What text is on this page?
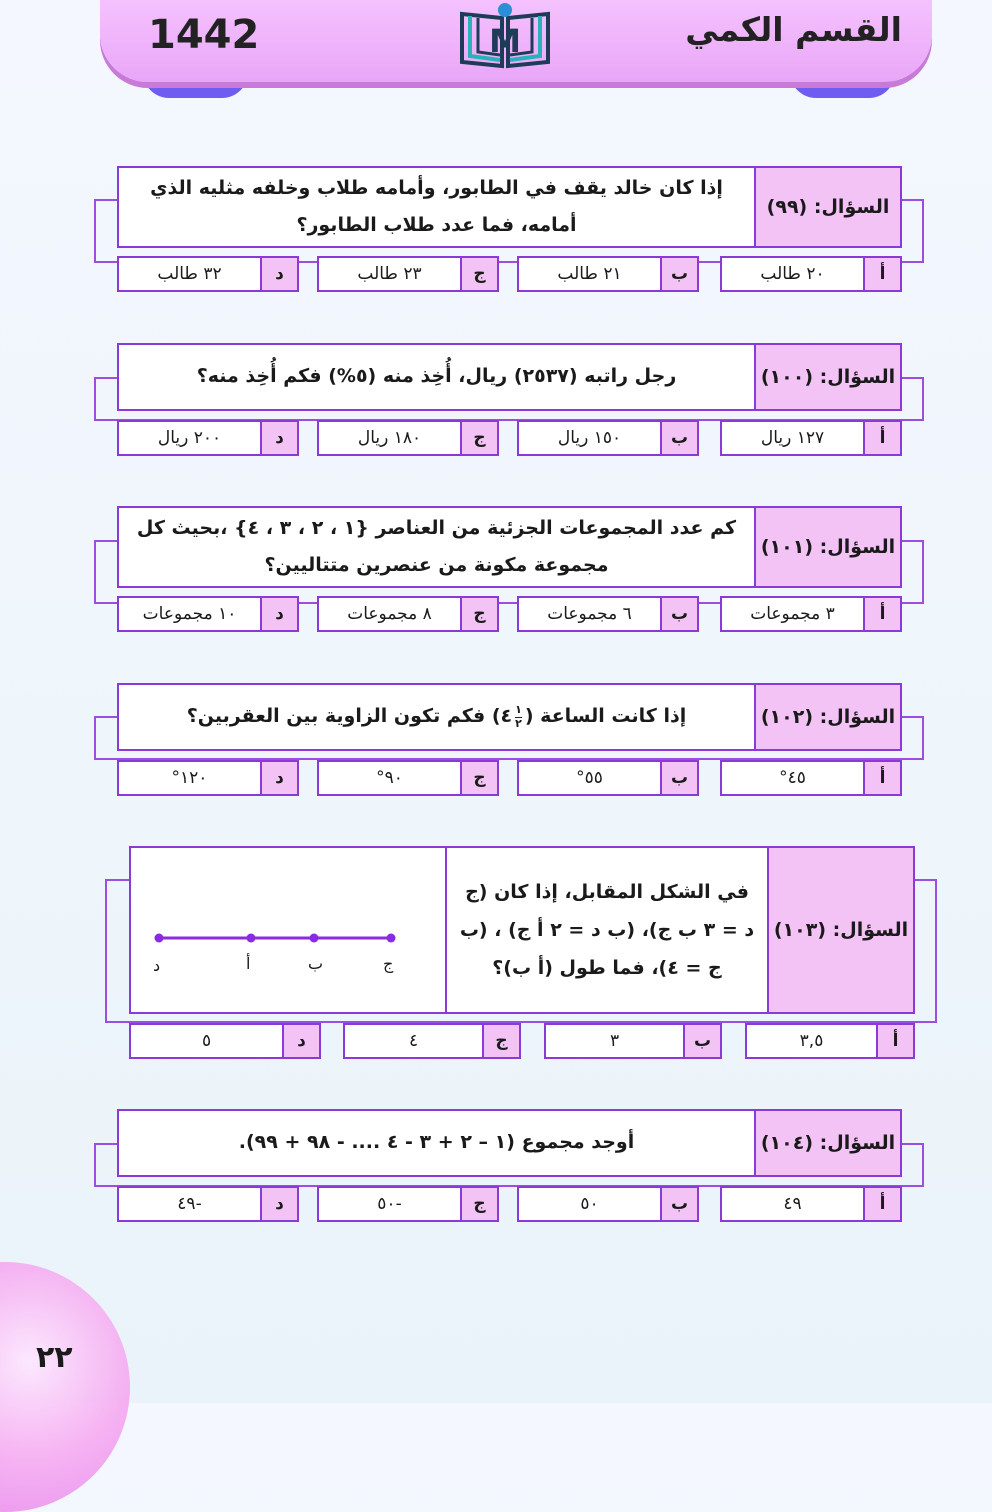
1442	القسم الكمي
M
السؤال: (٩٩)
إذا كان خالد يقف في الطابور، وأمامه طلاب وخلفه مثليه الذي أمامه، فما عدد طلاب الطابور؟
أ
٢٠ طالب
ب
٢١ طالب
ج
٢٣ طالب
د
٣٢ طالب
السؤال: (١٠٠)
رجل راتبه (٢٥٣٧) ريال، أُخِذ منه (٥%) فكم أُخِذ منه؟
أ
١٢٧ ريال
ب
١٥٠ ريال
ج
١٨٠ ريال
د
٢٠٠ ريال
السؤال: (١٠١)
كم عدد المجموعات الجزئية من العناصر {١ ، ٢ ، ٣ ، ٤} ،بحيث كل مجموعة مكونة من عنصرين متتاليين؟
أ
٣ مجموعات
ب
٦ مجموعات
ج
٨ مجموعات
د
١٠ مجموعات
السؤال: (١٠٢)
إذا كانت الساعة (
١
٢
٤
) فكم تكون الزاوية بين العقربين؟
أ
٤٥°
ب
٥٥°
ج
٩٠°
د
١٢٠°
السؤال: (١٠٣)
في الشكل المقابل، إذا كان (ج د = ٣ ب ج)، (ب د = ٢ أ ج) ، (ب ج = ٤)، فما طول (أ ب)؟
ج
ب
أ
د
أ
٣,٥
ب
٣
ج
٤
د
٥
السؤال: (١٠٤)
أوجد مجموع (١ – ٢ + ٣ - ٤ .... - ٩٨ + ٩٩).
أ
٤٩
ب
٥٠
ج
-٥٠
د
-٤٩
٢٢
